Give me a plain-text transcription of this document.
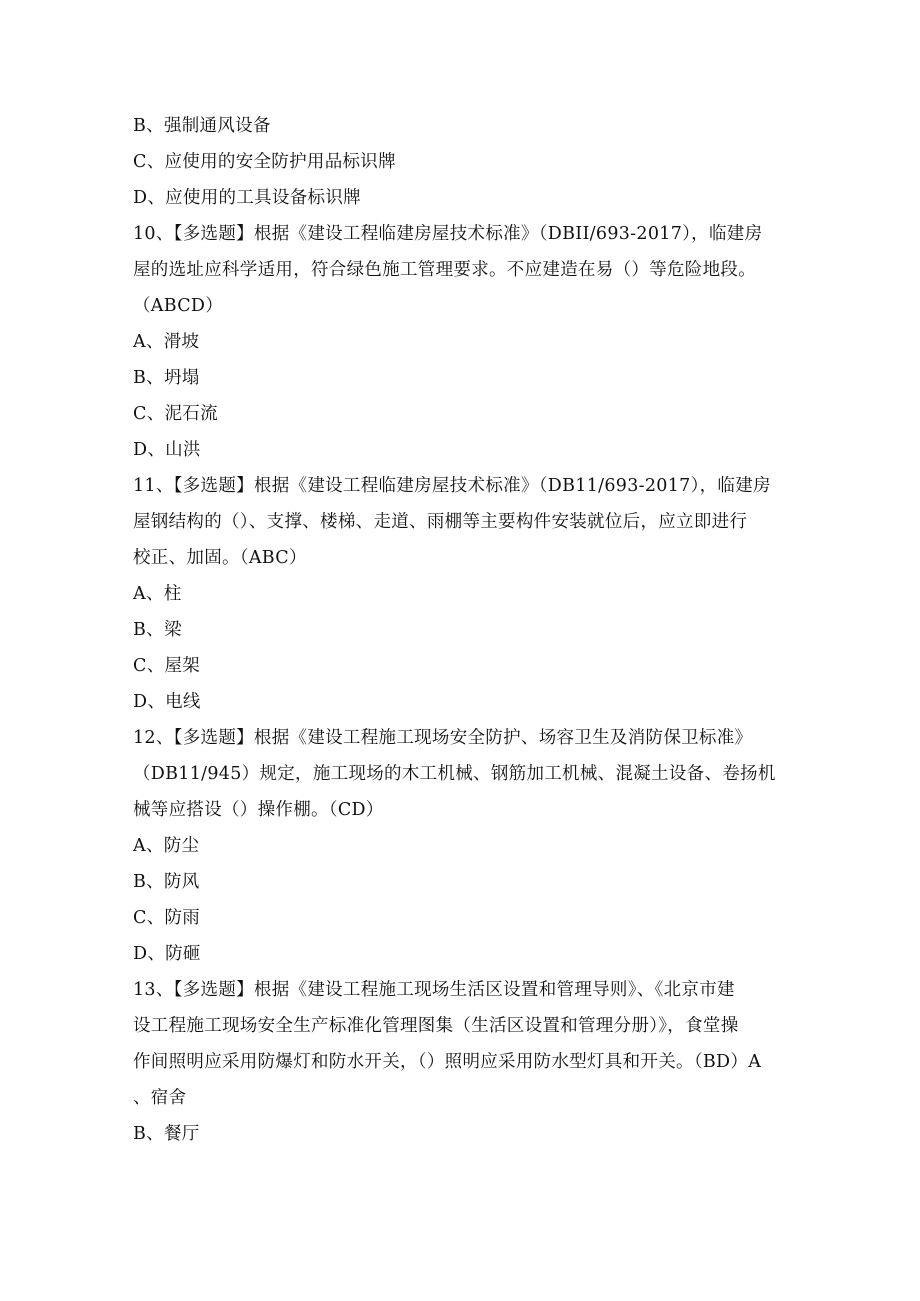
B、强制通风设备
C、应使用的安全防护用品标识牌
D、应使用的工具设备标识牌
10、【多选题】根据《建设工程临建房屋技术标准》（DBII/693-2017），临建房
屋的选址应科学适用，符合绿色施工管理要求。不应建造在易（）等危险地段。
（ABCD）
A、滑坡
B、坍塌
C、泥石流
D、山洪
11、【多选题】根据《建设工程临建房屋技术标准》（DB11/693-2017），临建房
屋钢结构的（）、支撑、楼梯、走道、雨棚等主要构件安装就位后，应立即进行
校正、加固。（ABC）
A、柱
B、梁
C、屋架
D、电线
12、【多选题】根据《建设工程施工现场安全防护、场容卫生及消防保卫标准》
（DB11/945）规定，施工现场的木工机械、钢筋加工机械、混凝土设备、卷扬机
械等应搭设（）操作棚。（CD）
A、防尘
B、防风
C、防雨
D、防砸
13、【多选题】根据《建设工程施工现场生活区设置和管理导则》、《北京市建
设工程施工现场安全生产标准化管理图集（生活区设置和管理分册）》，食堂操
作间照明应采用防爆灯和防水开关，（）照明应采用防水型灯具和开关。（BD）A
、宿舍
B、餐厅
